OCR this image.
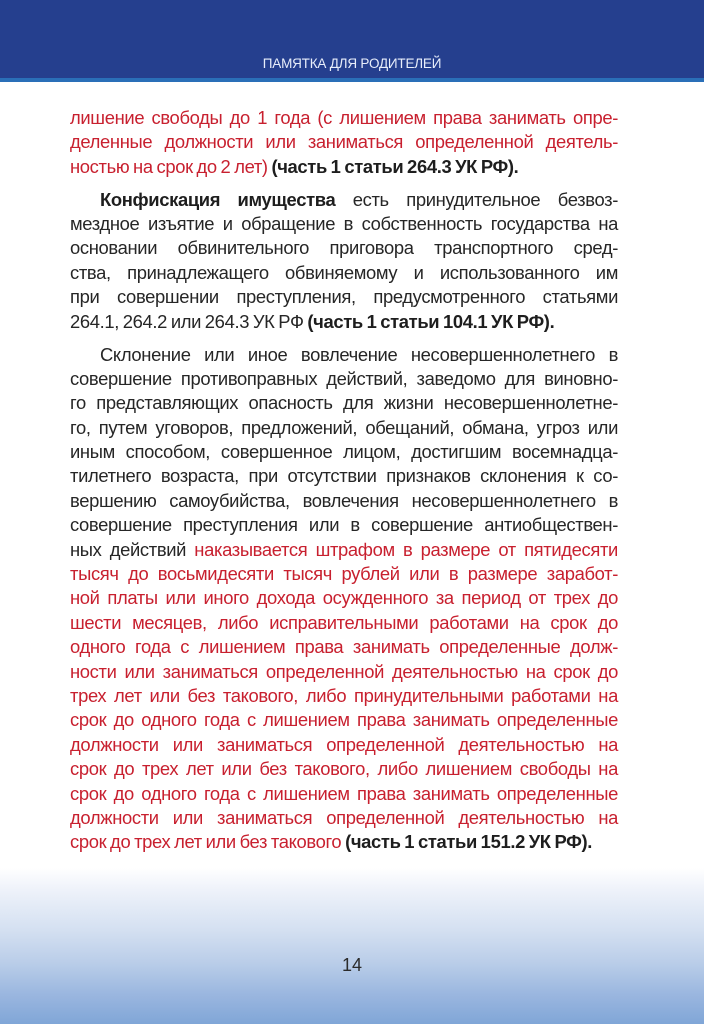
ПАМЯТКА ДЛЯ РОДИТЕЛЕЙ
лишение свободы до 1 года (с лишением права занимать опре-
деленные должности или заниматься определенной деятель-
ностью на срок до 2 лет) (часть 1 статьи 264.3 УК РФ).
Конфискация имущества есть принудительное безвоз-
мездное изъятие и обращение в собственность государства на
основании обвинительного приговора транспортного сред-
ства, принадлежащего обвиняемому и использованного им
при совершении преступления, предусмотренного статьями
264.1, 264.2 или 264.3 УК РФ (часть 1 статьи 104.1 УК РФ).
Склонение или иное вовлечение несовершеннолетнего в
совершение противоправных действий, заведомо для виновно-
го представляющих опасность для жизни несовершеннолетне-
го, путем уговоров, предложений, обещаний, обмана, угроз или
иным способом, совершенное лицом, достигшим восемнадца-
тилетнего возраста, при отсутствии признаков склонения к со-
вершению самоубийства, вовлечения несовершеннолетнего в
совершение преступления или в совершение антиобществен-
ных действий наказывается штрафом в размере от пятидесяти
тысяч до восьмидесяти тысяч рублей или в размере заработ-
ной платы или иного дохода осужденного за период от трех до
шести месяцев, либо исправительными работами на срок до
одного года с лишением права занимать определенные долж-
ности или заниматься определенной деятельностью на срок до
трех лет или без такового, либо принудительными работами на
срок до одного года с лишением права занимать определенные
должности или заниматься определенной деятельностью на
срок до трех лет или без такового, либо лишением свободы на
срок до одного года с лишением права занимать определенные
должности или заниматься определенной деятельностью на
срок до трех лет или без такового (часть 1 статьи 151.2 УК РФ).
14
